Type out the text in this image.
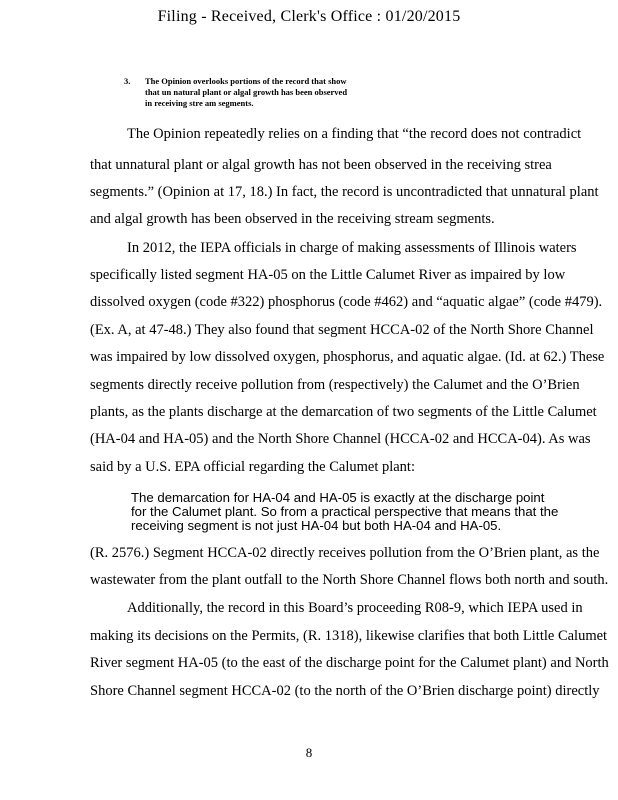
Filing - Received, Clerk's Office : 01/20/2015
3.	The Opinion overlooks portions of the record that show that un natural plant or algal growth has been observed in receiving stre am segments.
The Opinion repeatedly relies on a finding that “the record does not contradict
that unnatural plant or algal growth has not been observed in the receiving strea
segments.” (Opinion at 17, 18.) In fact, the record is uncontradicted that unnatural plant
and algal growth has been observed in the receiving stream segments.
In 2012, the IEPA officials in charge of making assessments of Illinois waters
specifically listed segment HA-05 on the Little Calumet River as impaired by low
dissolved oxygen (code #322) phosphorus (code #462) and “aquatic algae” (code #479).
(Ex. A, at 47-48.) They also found that segment HCCA-02 of the North Shore Channel
was impaired by low dissolved oxygen, phosphorus, and aquatic algae. (Id. at 62.) These
segments directly receive pollution from (respectively) the Calumet and the O’Brien
plants, as the plants discharge at the demarcation of two segments of the Little Calumet
(HA-04 and HA-05) and the North Shore Channel (HCCA-02 and HCCA-04). As was
said by a U.S. EPA official regarding the Calumet plant:
The demarcation for HA-04 and HA-05 is exactly at the discharge point
for the Calumet plant. So from a practical perspective that means that the
receiving segment is not just HA-04 but both HA-04 and HA-05.
(R. 2576.) Segment HCCA-02 directly receives pollution from the O’Brien plant, as the
wastewater from the plant outfall to the North Shore Channel flows both north and south.
Additionally, the record in this Board’s proceeding R08-9, which IEPA used in
making its decisions on the Permits, (R. 1318), likewise clarifies that both Little Calumet
River segment HA-05 (to the east of the discharge point for the Calumet plant) and North
Shore Channel segment HCCA-02 (to the north of the O’Brien discharge point) directly
8
